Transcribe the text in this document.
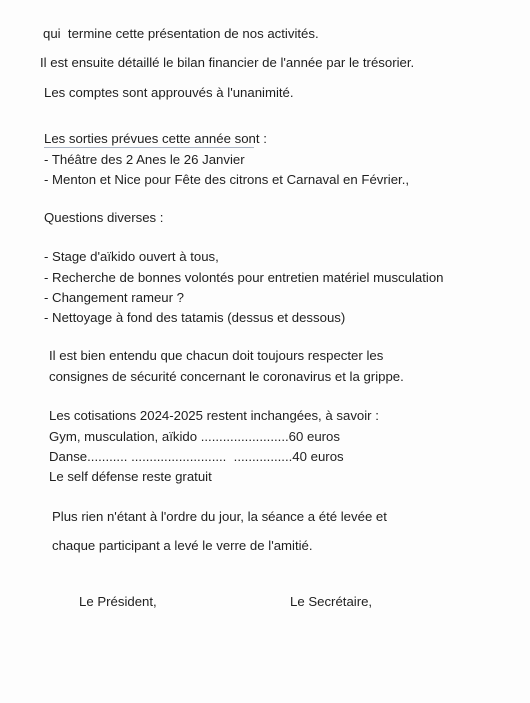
qui  termine cette présentation de nos activités.
Il est ensuite détaillé le bilan financier de l'année par le trésorier.
Les comptes sont approuvés à l'unanimité.
Les sorties prévues cette année sont :
- Théâtre des 2 Anes le 26 Janvier
- Menton et Nice pour Fête des citrons et Carnaval en Février.,
Questions diverses :
- Stage d'aïkido ouvert à tous,
- Recherche de bonnes volontés pour entretien matériel musculation
- Changement rameur ?
- Nettoyage à fond des tatamis (dessus et dessous)
Il est bien entendu que chacun doit toujours respecter les
consignes de sécurité concernant le coronavirus et la grippe.
Les cotisations 2024-2025 restent inchangées, à savoir :
Gym, musculation, aïkido ........................60 euros
Danse........... ..........................  ................40 euros
Le self défense reste gratuit
Plus rien n'étant à l'ordre du jour, la séance a été levée et
chaque participant a levé le verre de l'amitié.
Le Président,	Le Secrétaire,
